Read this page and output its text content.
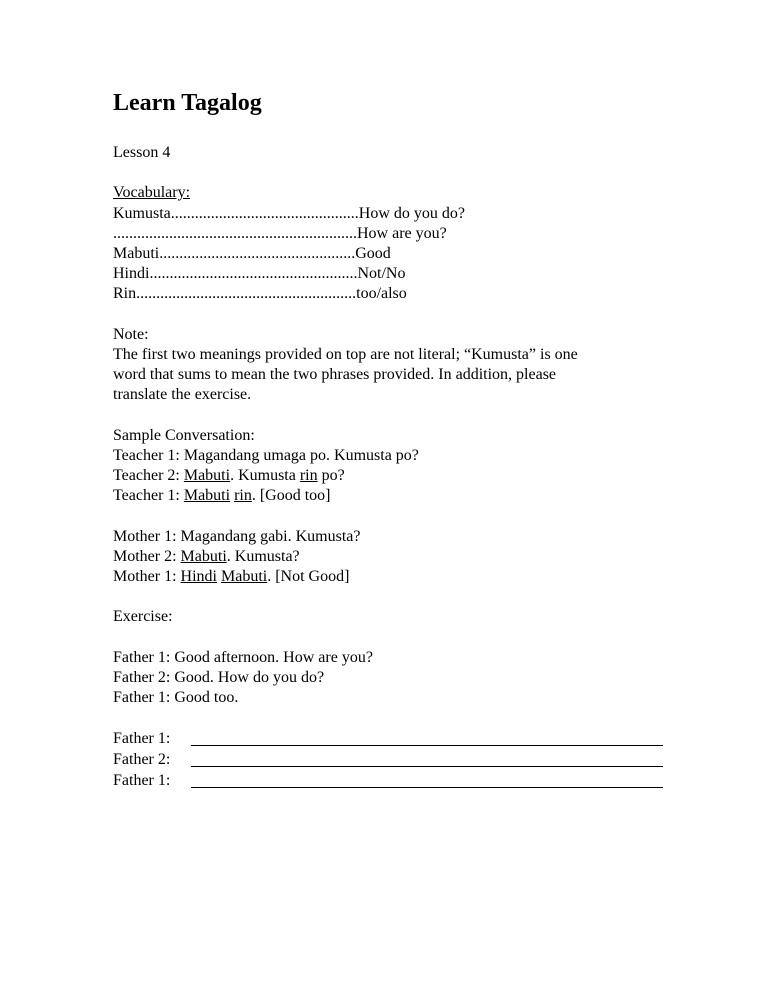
Learn Tagalog
Lesson 4
Vocabulary:
Kumusta...............................................How do you do?
.............................................................How are you?
Mabuti.................................................Good
Hindi....................................................Not/No
Rin.......................................................too/also
Note:
The first two meanings provided on top are not literal; “Kumusta” is one
word that sums to mean the two phrases provided. In addition, please
translate the exercise.
Sample Conversation:
Teacher 1: Magandang umaga po. Kumusta po?
Teacher 2: Mabuti. Kumusta rin po?
Teacher 1: Mabuti rin. [Good too]
Mother 1: Magandang gabi. Kumusta?
Mother 2: Mabuti. Kumusta?
Mother 1: Hindi Mabuti. [Not Good]
Exercise:
Father 1: Good afternoon. How are you?
Father 2: Good. How do you do?
Father 1: Good too.
Father 1:
Father 2:
Father 1:
